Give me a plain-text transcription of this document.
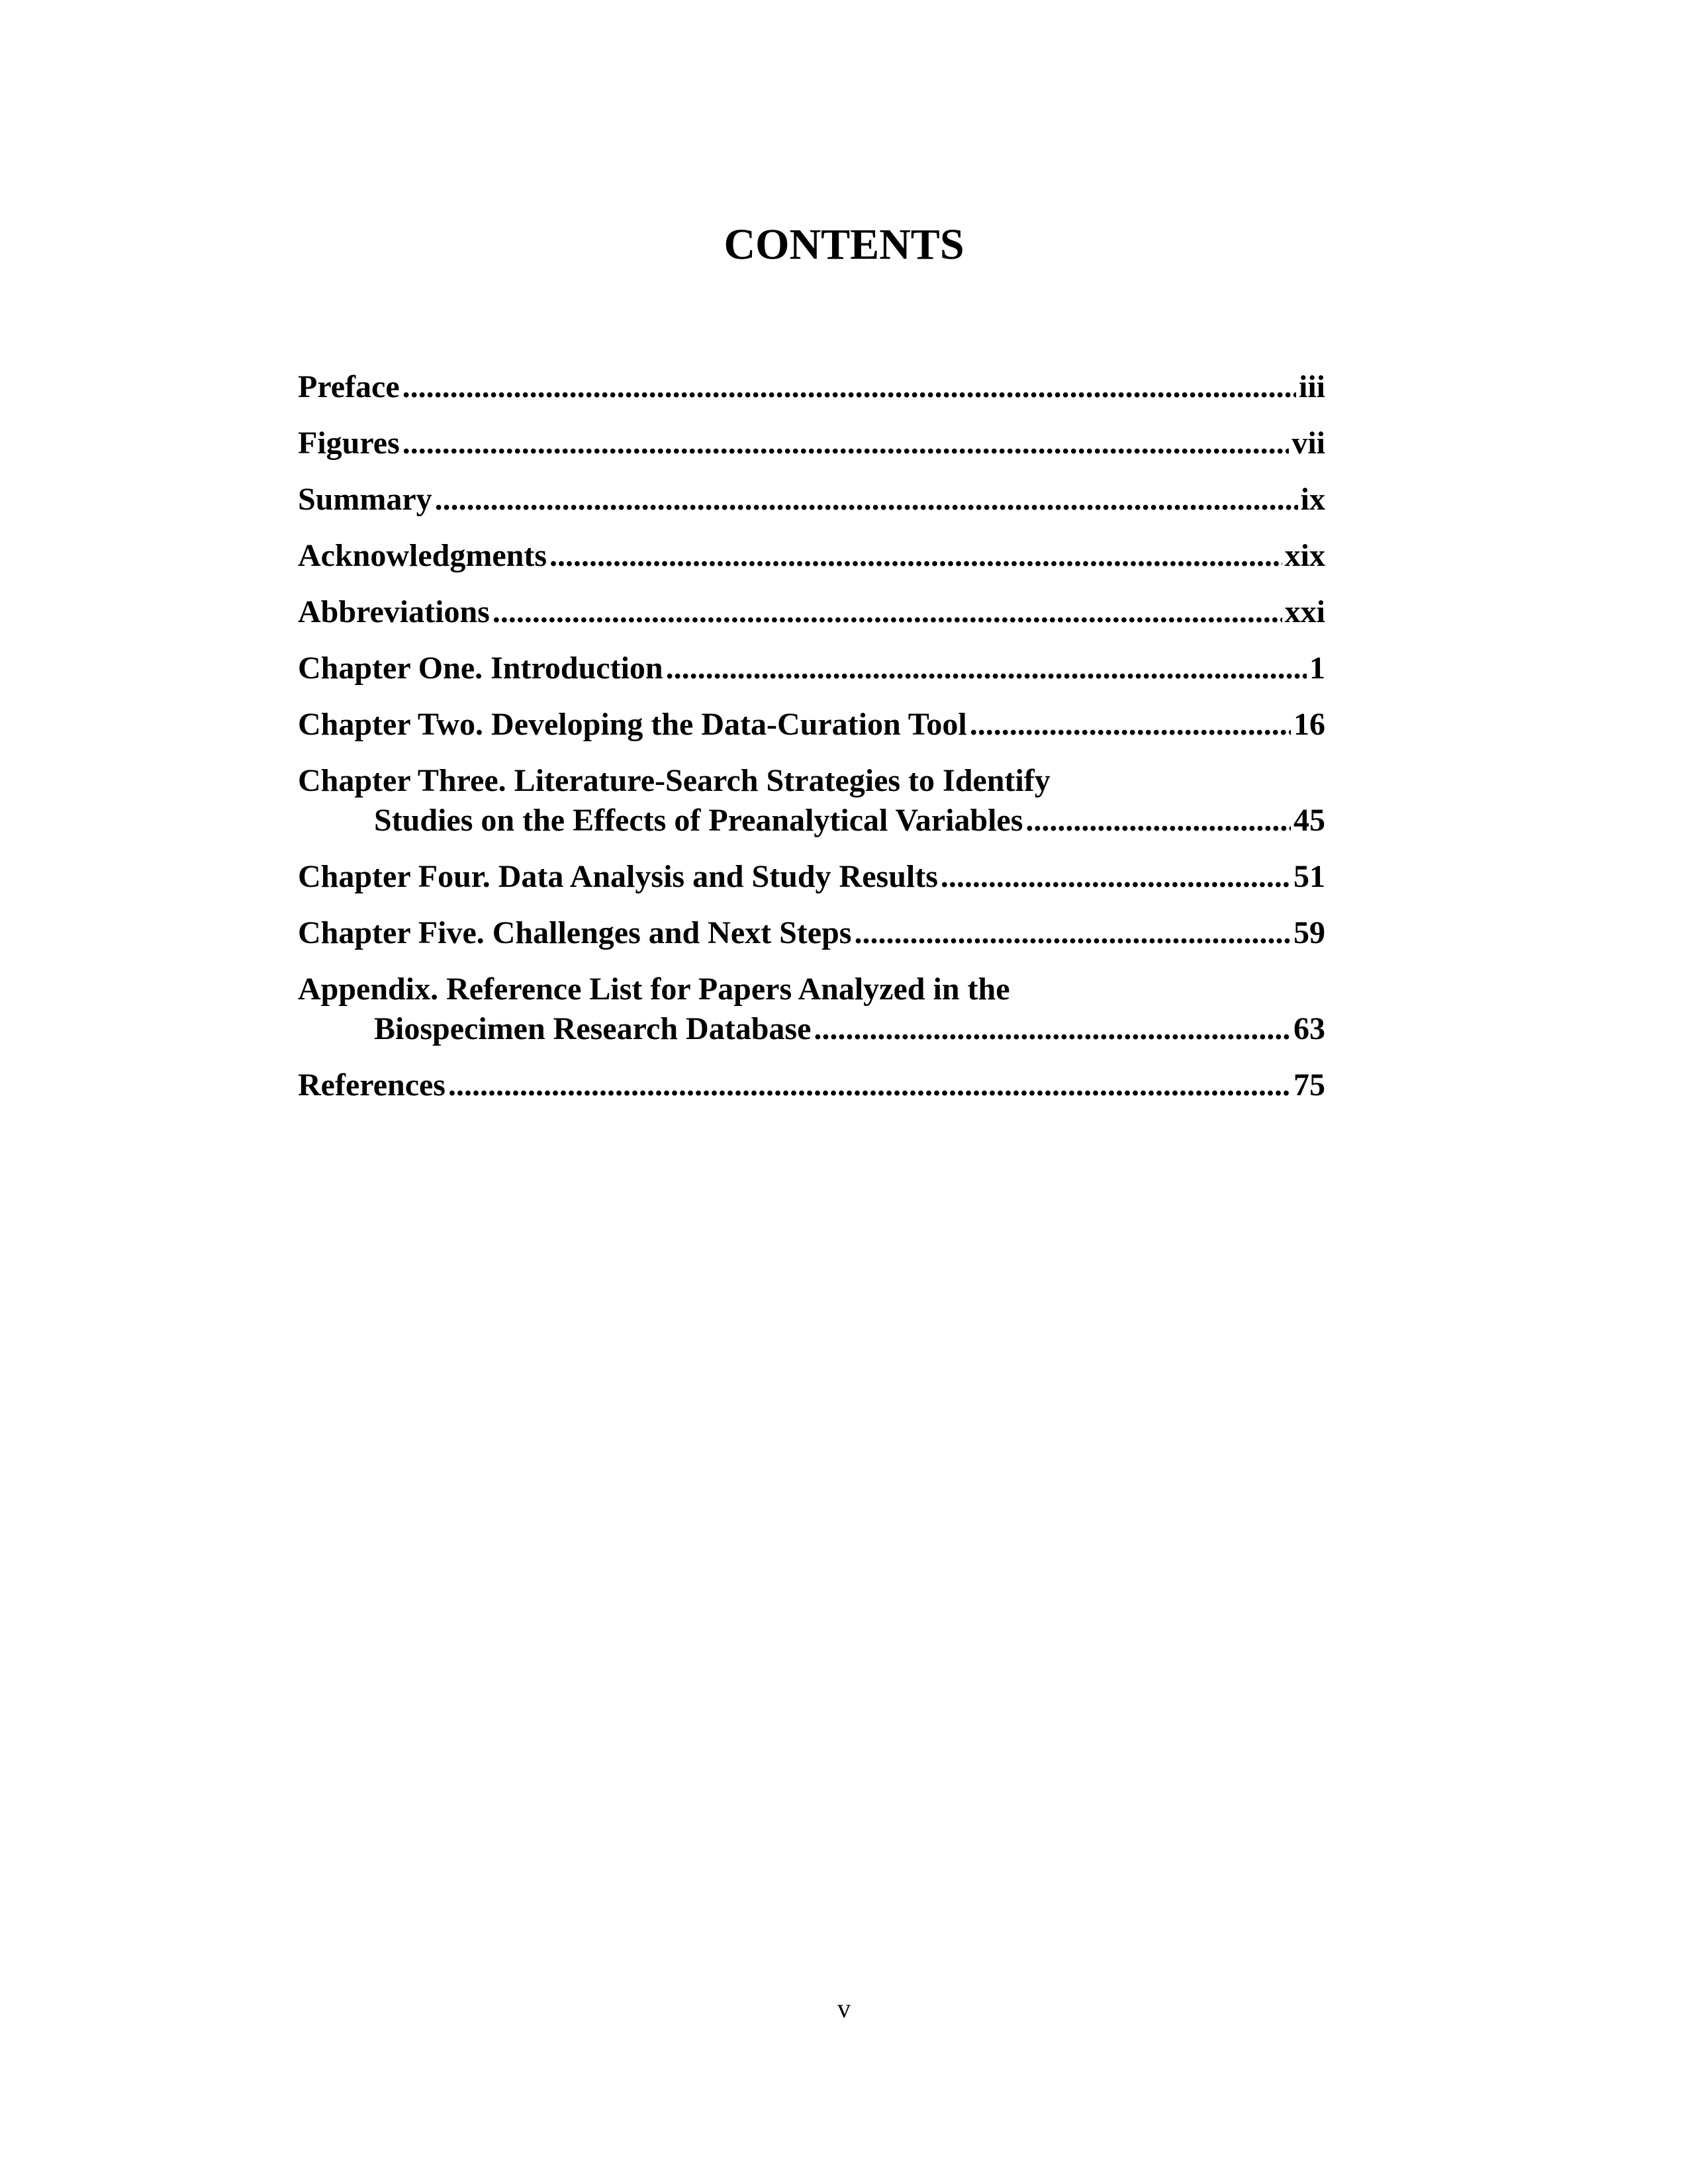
CONTENTS
Preface .....	iii
Figures .....	vii
Summary .....	ix
Acknowledgments .....	xix
Abbreviations .....	xxi
Chapter One. Introduction .....	1
Chapter Two. Developing the Data-Curation Tool .....	16
Chapter Three. Literature-Search Strategies to Identify
Studies on the Effects of Preanalytical Variables .....	45
Chapter Four. Data Analysis and Study Results .....	51
Chapter Five. Challenges and Next Steps .....	59
Appendix. Reference List for Papers Analyzed in the
Biospecimen Research Database .....	63
References .....	75
v
